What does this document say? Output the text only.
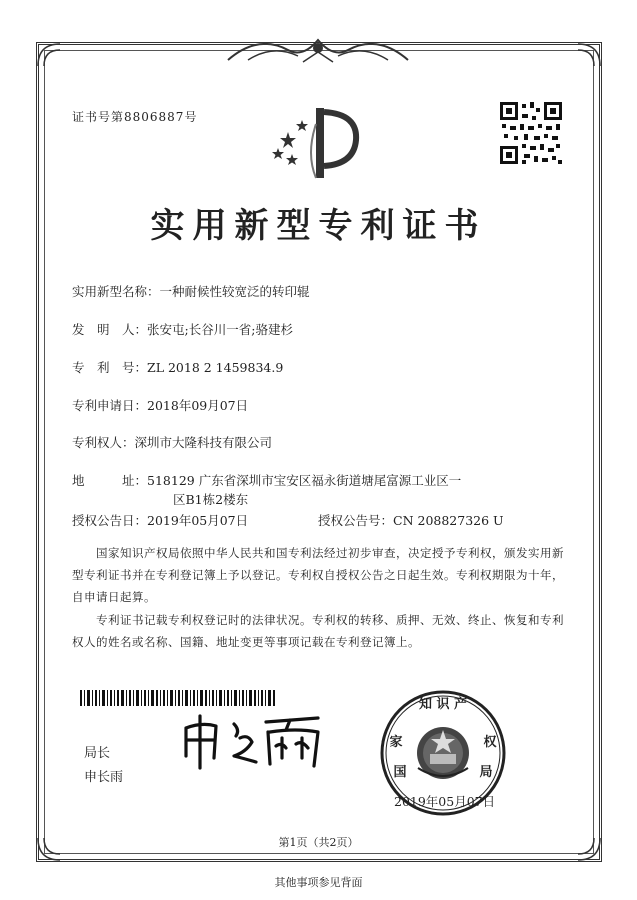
证书号第8806887号
实用新型专利证书
实用新型名称：一种耐候性较宽泛的转印辊
发　明　人：张安屯;长谷川一省;骆建杉
专　利　号：ZL 2018 2 1459834.9
专利申请日：2018年09月07日
专利权人：深圳市大隆科技有限公司
地　　　址：518129 广东省深圳市宝安区福永街道塘尾富源工业区一
区B1栋2楼东
授权公告日：2019年05月07日	授权公告号：CN 208827326 U
国家知识产权局依照中华人民共和国专利法经过初步审查，决定授予专利权，颁发实用新型专利证书并在专利登记簿上予以登记。专利权自授权公告之日起生效。专利权期限为十年，自申请日起算。
专利证书记载专利权登记时的法律状况。专利权的转移、质押、无效、终止、恢复和专利权人的姓名或名称、国籍、地址变更等事项记载在专利登记簿上。
局长
申长雨
知 识 产
家	权
国	局
2019年05月07日
第1页（共2页）
其他事项参见背面
